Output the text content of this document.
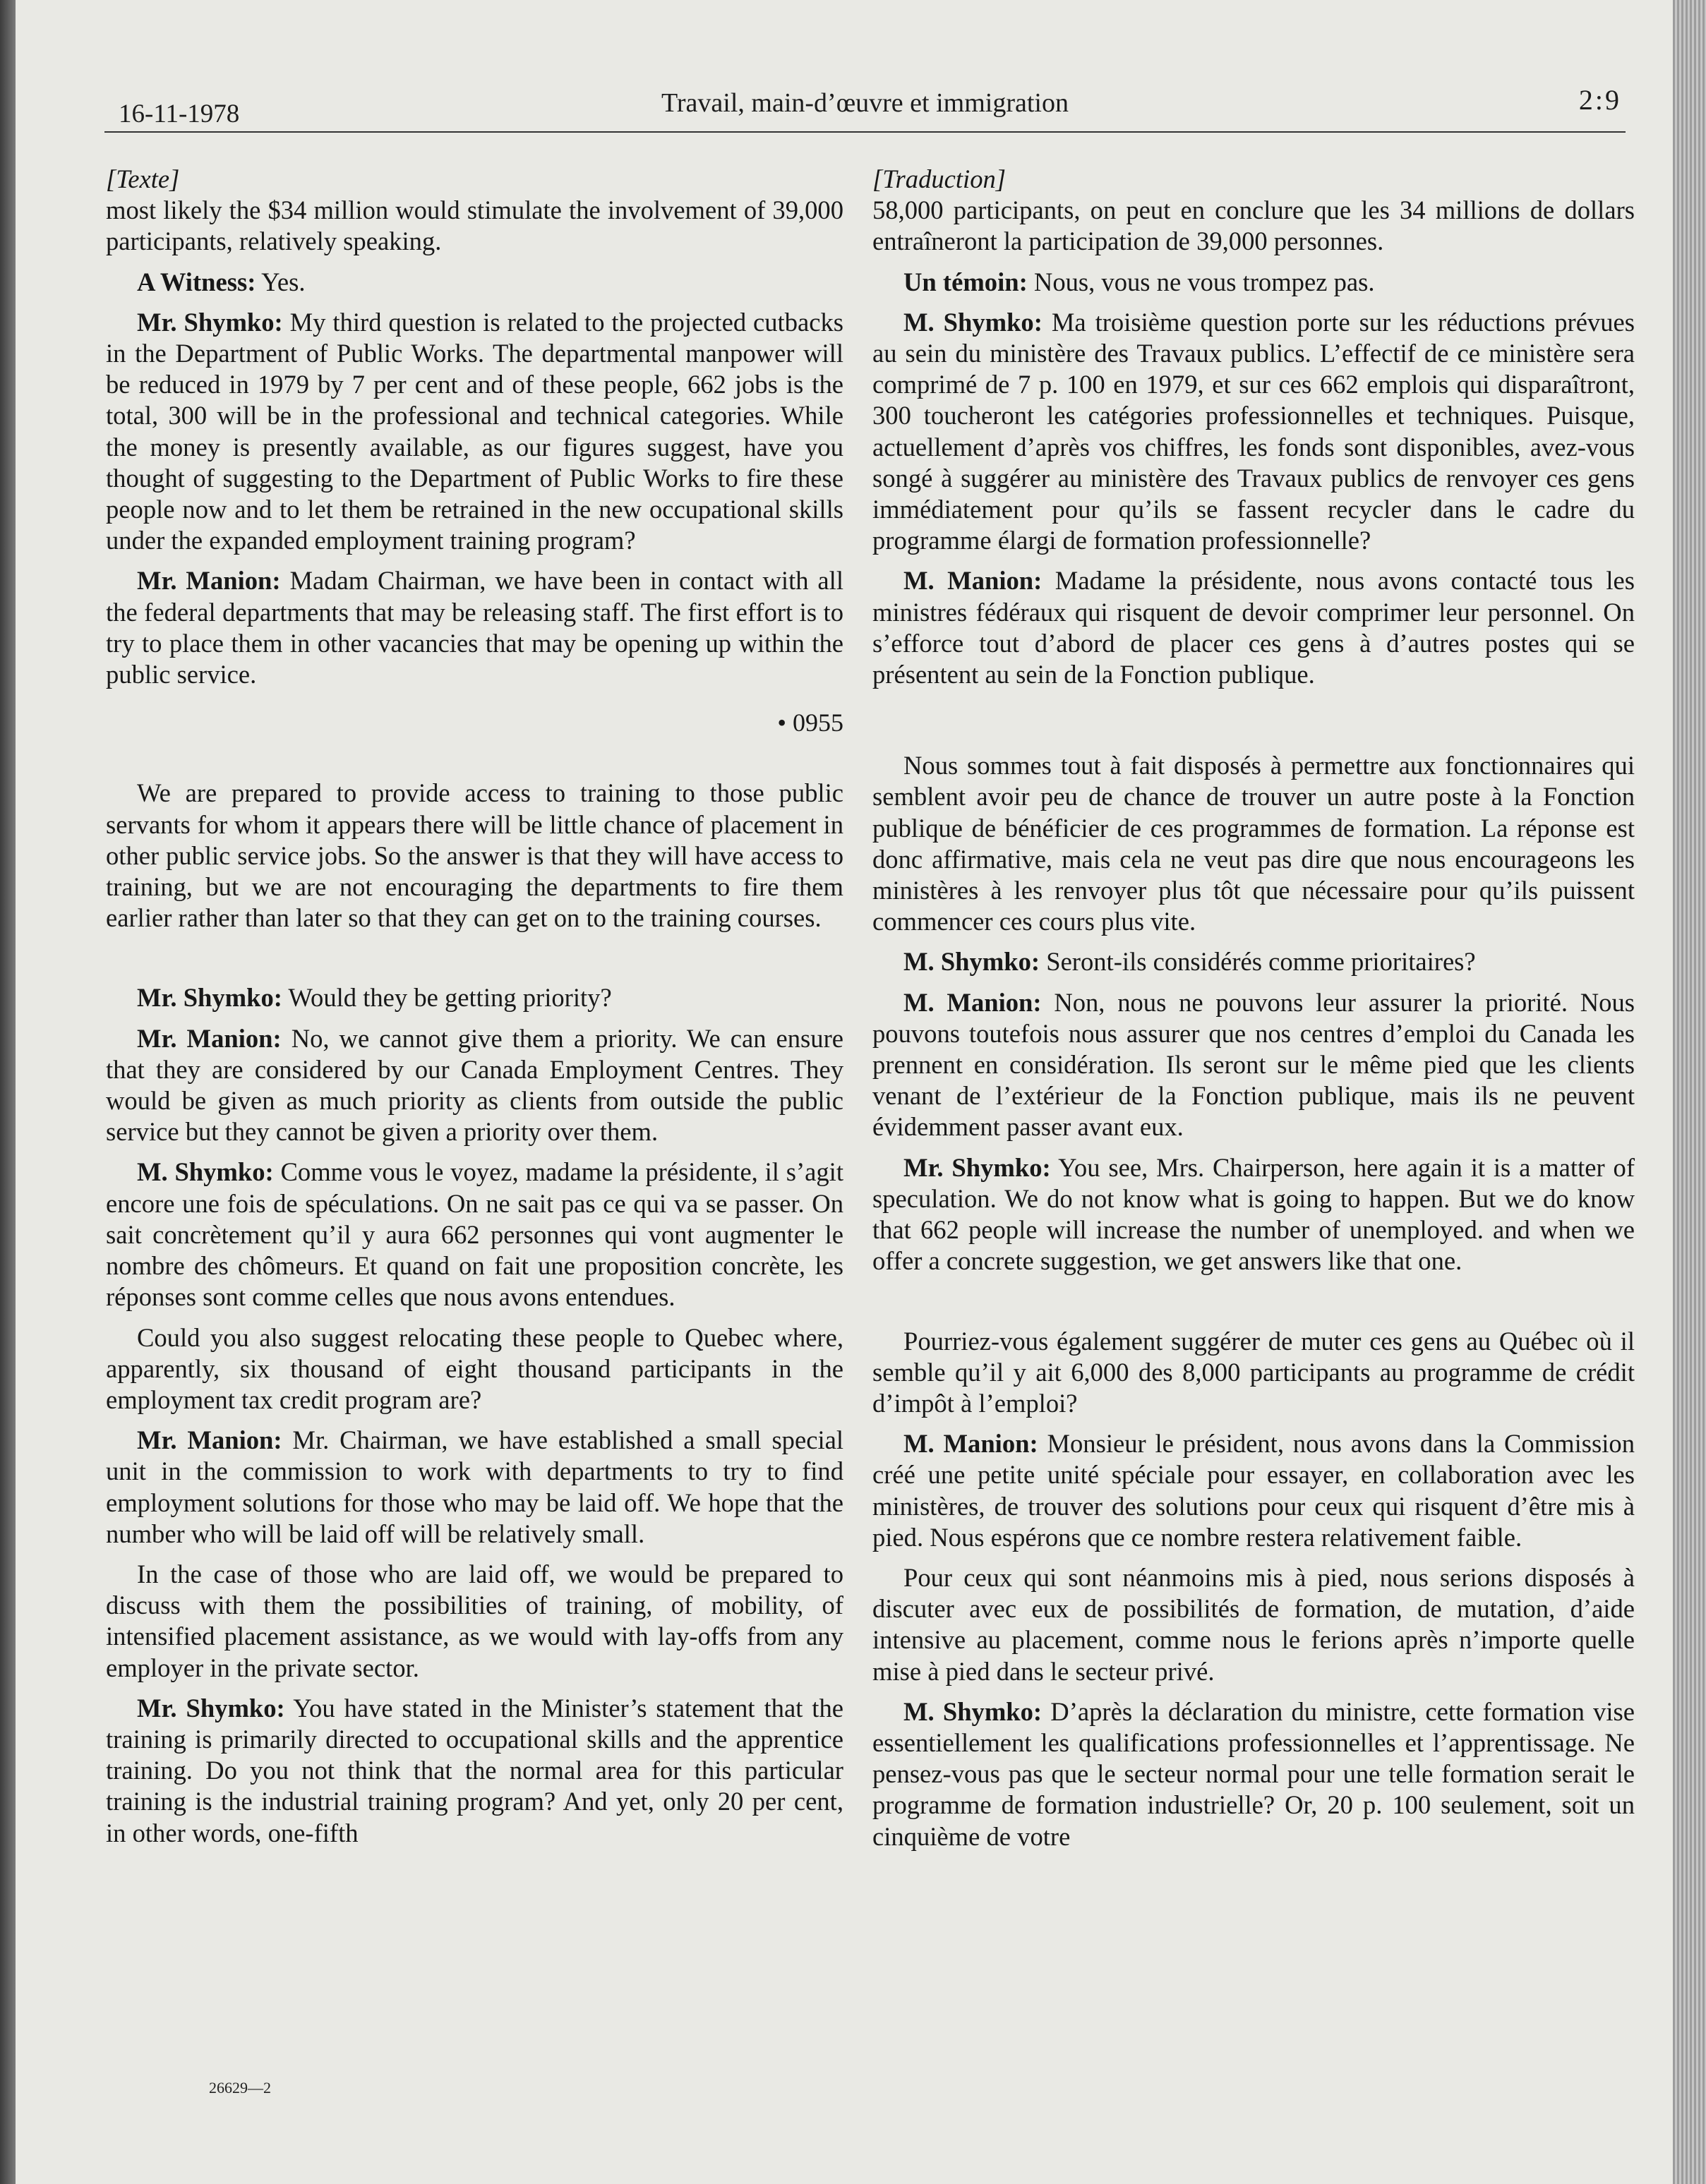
16-11-1978	Travail, main-d’œuvre et immigration	2:9

[Texte]

most likely the $34 million would stimulate the involvement of 39,000 participants, relatively speaking.

A Witness: Yes.

Mr. Shymko: My third question is related to the projected cutbacks in the Department of Public Works. The departmental manpower will be reduced in 1979 by 7 per cent and of these people, 662 jobs is the total, 300 will be in the professional and technical categories. While the money is presently available, as our figures suggest, have you thought of suggesting to the Department of Public Works to fire these people now and to let them be retrained in the new occupational skills under the expanded employment training program?

Mr. Manion: Madam Chairman, we have been in contact with all the federal departments that may be releasing staff. The first effort is to try to place them in other vacancies that may be opening up within the public service.

• 0955

We are prepared to provide access to training to those public servants for whom it appears there will be little chance of placement in other public service jobs. So the answer is that they will have access to training, but we are not encouraging the departments to fire them earlier rather than later so that they can get on to the training courses.

Mr. Shymko: Would they be getting priority?

Mr. Manion: No, we cannot give them a priority. We can ensure that they are considered by our Canada Employment Centres. They would be given as much priority as clients from outside the public service but they cannot be given a priority over them.

M. Shymko: Comme vous le voyez, madame la présidente, il s’agit encore une fois de spéculations. On ne sait pas ce qui va se passer. On sait concrètement qu’il y aura 662 personnes qui vont augmenter le nombre des chômeurs. Et quand on fait une proposition concrète, les réponses sont comme celles que nous avons entendues.

Could you also suggest relocating these people to Quebec where, apparently, six thousand of eight thousand participants in the employment tax credit program are?

Mr. Manion: Mr. Chairman, we have established a small special unit in the commission to work with departments to try to find employment solutions for those who may be laid off. We hope that the number who will be laid off will be relatively small.

In the case of those who are laid off, we would be prepared to discuss with them the possibilities of training, of mobility, of intensified placement assistance, as we would with lay-offs from any employer in the private sector.

Mr. Shymko: You have stated in the Minister’s statement that the training is primarily directed to occupational skills and the apprentice training. Do you not think that the normal area for this particular training is the industrial training program? And yet, only 20 per cent, in other words, one-fifth

[Traduction]

58,000 participants, on peut en conclure que les 34 millions de dollars entraîneront la participation de 39,000 personnes.

Un témoin: Nous, vous ne vous trompez pas.

M. Shymko: Ma troisième question porte sur les réductions prévues au sein du ministère des Travaux publics. L’effectif de ce ministère sera comprimé de 7 p. 100 en 1979, et sur ces 662 emplois qui disparaîtront, 300 toucheront les catégories professionnelles et techniques. Puisque, actuellement d’après vos chiffres, les fonds sont disponibles, avez-vous songé à suggérer au ministère des Travaux publics de renvoyer ces gens immédiatement pour qu’ils se fassent recycler dans le cadre du programme élargi de formation professionnelle?

M. Manion: Madame la présidente, nous avons contacté tous les ministres fédéraux qui risquent de devoir comprimer leur personnel. On s’efforce tout d’abord de placer ces gens à d’autres postes qui se présentent au sein de la Fonction publique.

Nous sommes tout à fait disposés à permettre aux fonctionnaires qui semblent avoir peu de chance de trouver un autre poste à la Fonction publique de bénéficier de ces programmes de formation. La réponse est donc affirmative, mais cela ne veut pas dire que nous encourageons les ministères à les renvoyer plus tôt que nécessaire pour qu’ils puissent commencer ces cours plus vite.

M. Shymko: Seront-ils considérés comme prioritaires?

M. Manion: Non, nous ne pouvons leur assurer la priorité. Nous pouvons toutefois nous assurer que nos centres d’emploi du Canada les prennent en considération. Ils seront sur le même pied que les clients venant de l’extérieur de la Fonction publique, mais ils ne peuvent évidemment passer avant eux.

Mr. Shymko: You see, Mrs. Chairperson, here again it is a matter of speculation. We do not know what is going to happen. But we do know that 662 people will increase the number of unemployed. and when we offer a concrete suggestion, we get answers like that one.

Pourriez-vous également suggérer de muter ces gens au Québec où il semble qu’il y ait 6,000 des 8,000 participants au programme de crédit d’impôt à l’emploi?

M. Manion: Monsieur le président, nous avons dans la Commission créé une petite unité spéciale pour essayer, en collaboration avec les ministères, de trouver des solutions pour ceux qui risquent d’être mis à pied. Nous espérons que ce nombre restera relativement faible.

Pour ceux qui sont néanmoins mis à pied, nous serions disposés à discuter avec eux de possibilités de formation, de mutation, d’aide intensive au placement, comme nous le ferions après n’importe quelle mise à pied dans le secteur privé.

M. Shymko: D’après la déclaration du ministre, cette formation vise essentiellement les qualifications professionnelles et l’apprentissage. Ne pensez-vous pas que le secteur normal pour une telle formation serait le programme de formation industrielle? Or, 20 p. 100 seulement, soit un cinquième de votre

26629—2
